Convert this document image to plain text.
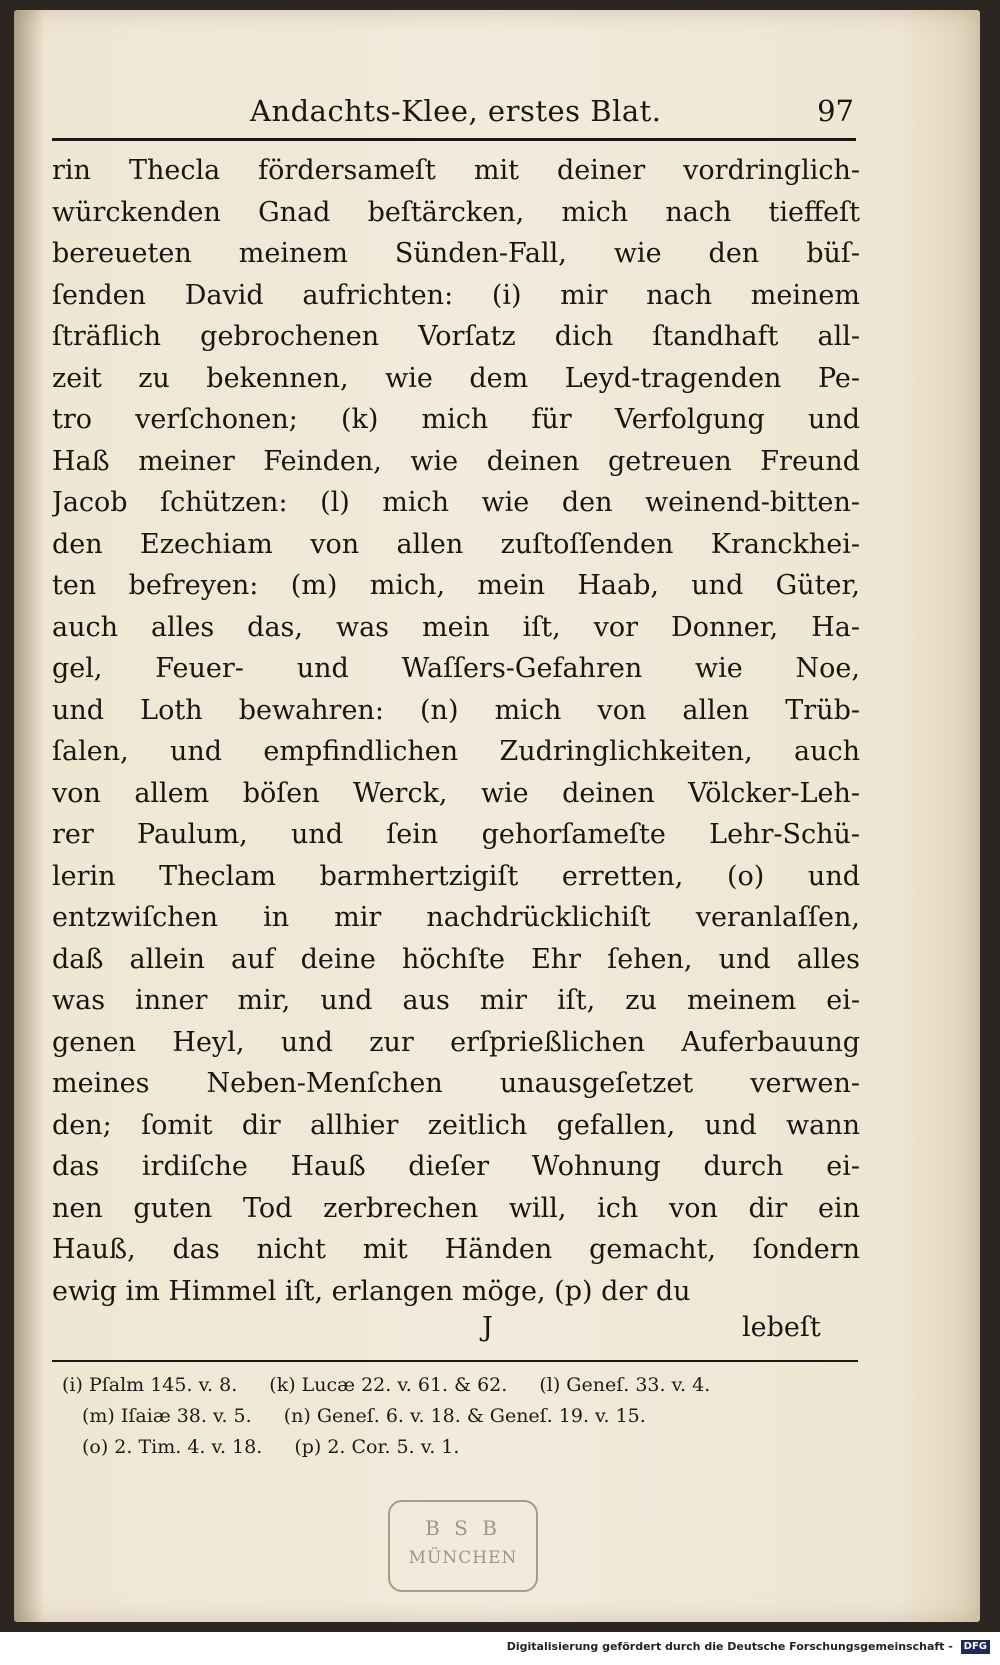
Andachts-Klee, erstes Blat.	97
rin Thecla fördersameſt mit deiner vordringlich-
würckenden Gnad beſtärcken, mich nach tieffeſt
bereueten meinem Sünden-Fall, wie den büſ-
ſenden David aufrichten: (i) mir nach meinem
ſträflich gebrochenen Vorſatz dich ſtandhaft all-
zeit zu bekennen, wie dem Leyd-tragenden Pe-
tro verſchonen; (k) mich für Verfolgung und
Haß meiner Feinden, wie deinen getreuen Freund
Jacob ſchützen: (l) mich wie den weinend-bitten-
den Ezechiam von allen zuſtoſſenden Kranckhei-
ten befreyen: (m) mich, mein Haab, und Güter,
auch alles das, was mein iſt, vor Donner, Ha-
gel, Feuer- und Waſſers-Gefahren wie Noe,
und Loth bewahren: (n) mich von allen Trüb-
ſalen, und empfindlichen Zudringlichkeiten, auch
von allem böſen Werck, wie deinen Völcker-Leh-
rer Paulum, und ſein gehorſameſte Lehr-Schü-
lerin Theclam barmhertzigiſt erretten, (o) und
entzwiſchen in mir nachdrücklichiſt veranlaſſen,
daß allein auf deine höchſte Ehr ſehen, und alles
was inner mir, und aus mir iſt, zu meinem ei-
genen Heyl, und zur erſprießlichen Auferbauung
meines Neben-Menſchen unausgeſetzet verwen-
den; ſomit dir allhier zeitlich gefallen, und wann
das irdiſche Hauß dieſer Wohnung durch ei-
nen guten Tod zerbrechen will, ich von dir ein
Hauß, das nicht mit Händen gemacht, ſondern
ewig im Himmel iſt, erlangen möge, (p) der du
J	lebeſt
(i) Pſalm 145. v. 8. (k) Lucæ 22. v. 61. & 62. (l) Geneſ. 33. v. 4.
(m) Iſaiæ 38. v. 5. (n) Geneſ. 6. v. 18. & Geneſ. 19. v. 15.
(o) 2. Tim. 4. v. 18. (p) 2. Cor. 5. v. 1.
B S B
MÜNCHEN
Digitalisierung gefördert durch die Deutsche Forschungsgemeinschaft - DFG
